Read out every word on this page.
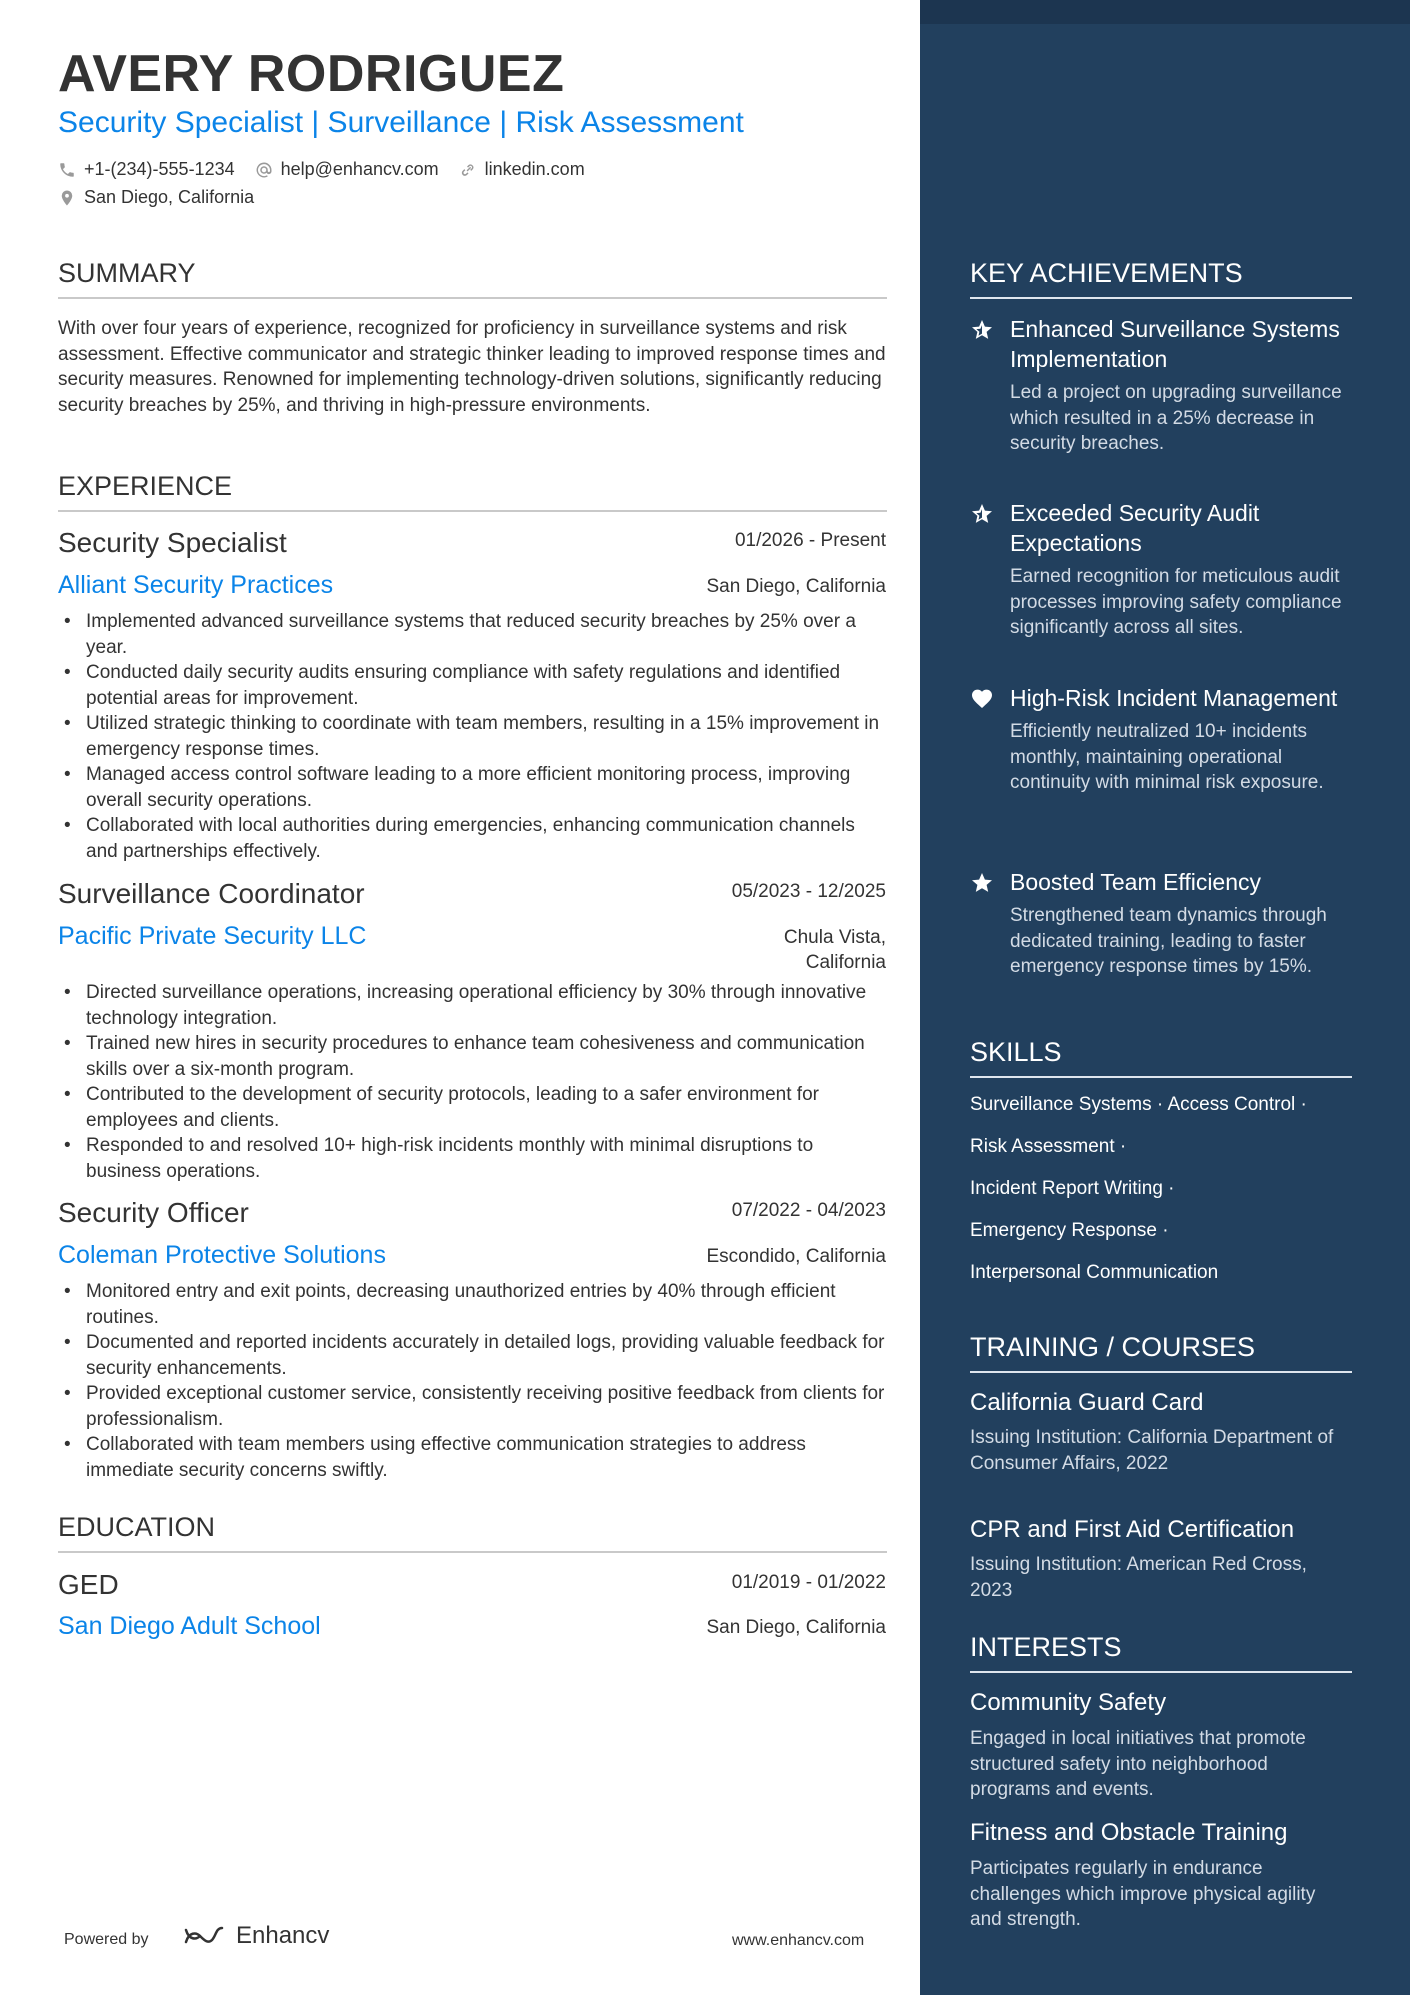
AVERY RODRIGUEZ
Security Specialist | Surveillance | Risk Assessment
+1-(234)-555-1234	help@enhancv.com	linkedin.com
San Diego, California
SUMMARY
With over four years of experience, recognized for proficiency in surveillance systems and risk assessment. Effective communicator and strategic thinker leading to improved response times and security measures. Renowned for implementing technology-driven solutions, significantly reducing security breaches by 25%, and thriving in high-pressure environments.
EXPERIENCE
Security Specialist	01/2026 - Present
Alliant Security Practices	San Diego, California
• Implemented advanced surveillance systems that reduced security breaches by 25% over a year.
• Conducted daily security audits ensuring compliance with safety regulations and identified potential areas for improvement.
• Utilized strategic thinking to coordinate with team members, resulting in a 15% improvement in emergency response times.
• Managed access control software leading to a more efficient monitoring process, improving overall security operations.
• Collaborated with local authorities during emergencies, enhancing communication channels and partnerships effectively.
Surveillance Coordinator	05/2023 - 12/2025
Pacific Private Security LLC	Chula Vista,
California
• Directed surveillance operations, increasing operational efficiency by 30% through innovative technology integration.
• Trained new hires in security procedures to enhance team cohesiveness and communication skills over a six-month program.
• Contributed to the development of security protocols, leading to a safer environment for employees and clients.
• Responded to and resolved 10+ high-risk incidents monthly with minimal disruptions to business operations.
Security Officer	07/2022 - 04/2023
Coleman Protective Solutions	Escondido, California
• Monitored entry and exit points, decreasing unauthorized entries by 40% through efficient routines.
• Documented and reported incidents accurately in detailed logs, providing valuable feedback for security enhancements.
• Provided exceptional customer service, consistently receiving positive feedback from clients for professionalism.
• Collaborated with team members using effective communication strategies to address immediate security concerns swiftly.
EDUCATION
GED	01/2019 - 01/2022
San Diego Adult School	San Diego, California
Powered by	Enhancv	www.enhancv.com
KEY ACHIEVEMENTS
Enhanced Surveillance Systems Implementation
Led a project on upgrading surveillance which resulted in a 25% decrease in security breaches.
Exceeded Security Audit Expectations
Earned recognition for meticulous audit processes improving safety compliance significantly across all sites.
High-Risk Incident Management
Efficiently neutralized 10+ incidents monthly, maintaining operational continuity with minimal risk exposure.
Boosted Team Efficiency
Strengthened team dynamics through dedicated training, leading to faster emergency response times by 15%.
SKILLS
Surveillance Systems · Access Control ·
Risk Assessment ·
Incident Report Writing ·
Emergency Response ·
Interpersonal Communication
TRAINING / COURSES
California Guard Card
Issuing Institution: California Department of Consumer Affairs, 2022
CPR and First Aid Certification
Issuing Institution: American Red Cross, 2023
INTERESTS
Community Safety
Engaged in local initiatives that promote structured safety into neighborhood programs and events.
Fitness and Obstacle Training
Participates regularly in endurance challenges which improve physical agility and strength.
